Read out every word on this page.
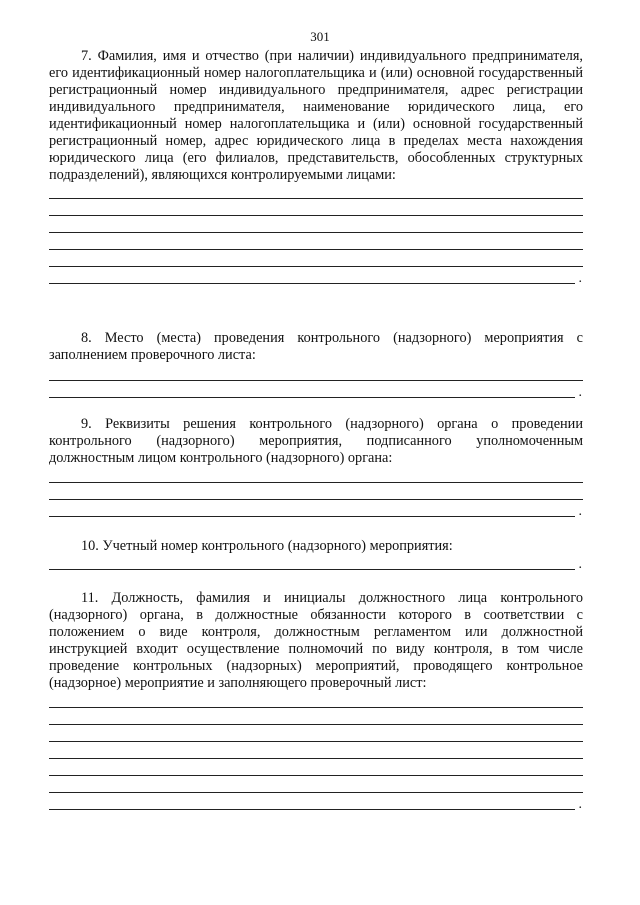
301

7. Фамилия, имя и отчество (при наличии) индивидуального предпринимателя, его идентификационный номер налогоплательщика и (или) основной государственный регистрационный номер индивидуального предпринимателя, адрес регистрации индивидуального предпринимателя, наименование юридического лица, его идентификационный номер налогоплательщика и (или) основной государственный регистрационный номер, адрес юридического лица в пределах места нахождения юридического лица (его филиалов, представительств, обособленных структурных подразделений), являющихся контролируемыми лицами:

.

8. Место (места) проведения контрольного (надзорного) мероприятия с заполнением проверочного листа:

.

9. Реквизиты решения контрольного (надзорного) органа о проведении контрольного (надзорного) мероприятия, подписанного уполномоченным должностным лицом контрольного (надзорного) органа:

.

10. Учетный номер контрольного (надзорного) мероприятия:

.

11. Должность, фамилия и инициалы должностного лица контрольного (надзорного) органа, в должностные обязанности которого в соответствии с положением о виде контроля, должностным регламентом или должностной инструкцией входит осуществление полномочий по виду контроля, в том числе проведение контрольных (надзорных) мероприятий, проводящего контрольное (надзорное) мероприятие и заполняющего проверочный лист:

.
